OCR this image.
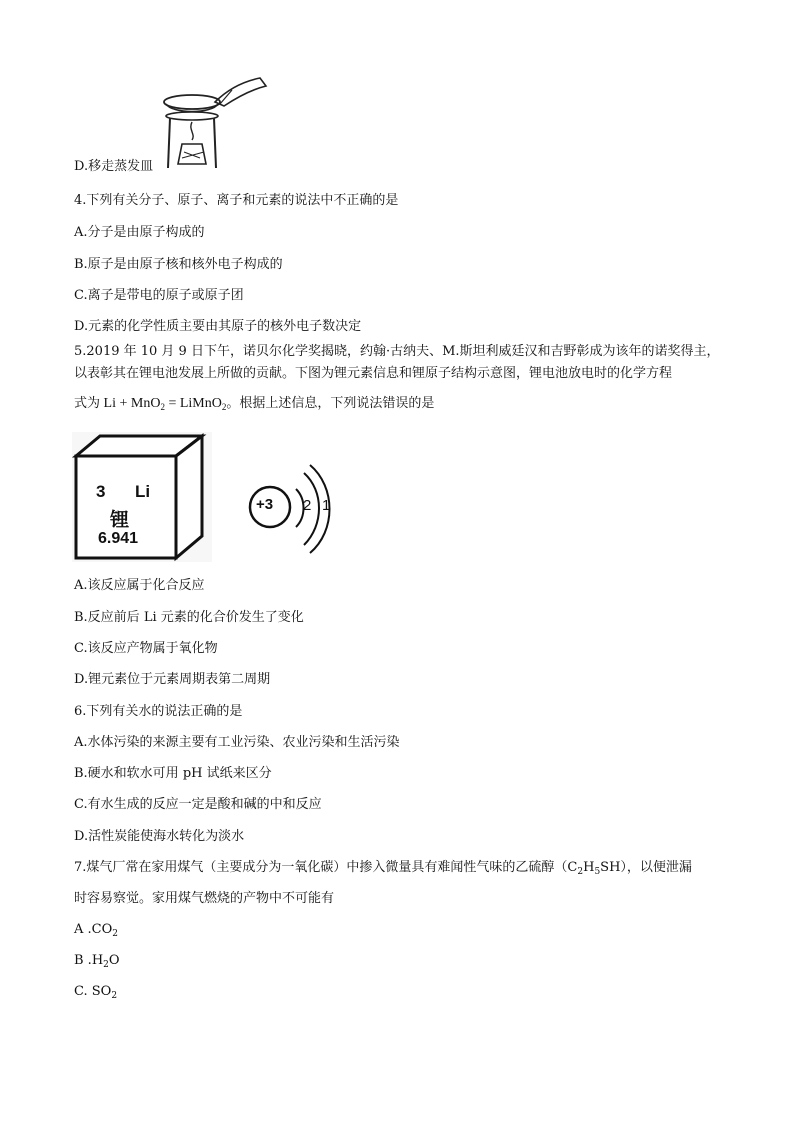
D.移走蒸发皿
4.下列有关分子、原子、离子和元素的说法中不正确的是
A.分子是由原子构成的
B.原子是由原子核和核外电子构成的
C.离子是带电的原子或原子团
D.元素的化学性质主要由其原子的核外电子数决定
5.2019 年 10 月 9 日下午，诺贝尔化学奖揭晓，约翰·古纳夫、M.斯坦利威廷汉和吉野彰成为该年的诺奖得主，
以表彰其在锂电池发展上所做的贡献。下图为锂元素信息和锂原子结构示意图，锂电池放电时的化学方程
式为 Li + MnO$_2$ = LiMnO$_2$。根据上述信息，下列说法错误的是
3 Li
锂
6.941
+3 2 1
A.该反应属于化合反应
B.反应前后 Li 元素的化合价发生了变化
C.该反应产物属于氧化物
D.锂元素位于元素周期表第二周期
6.下列有关水的说法正确的是
A.水体污染的来源主要有工业污染、农业污染和生活污染
B.硬水和软水可用 pH 试纸来区分
C.有水生成的反应一定是酸和碱的中和反应
D.活性炭能使海水转化为淡水
7.煤气厂常在家用煤气（主要成分为一氧化碳）中掺入微量具有难闻性气味的乙硫醇$(C_2H_5SH)$，以便泄漏
时容易察觉。家用煤气燃烧的产物中不可能有
A $.CO_2$
B $.H_2O$
C. $SO_2$
